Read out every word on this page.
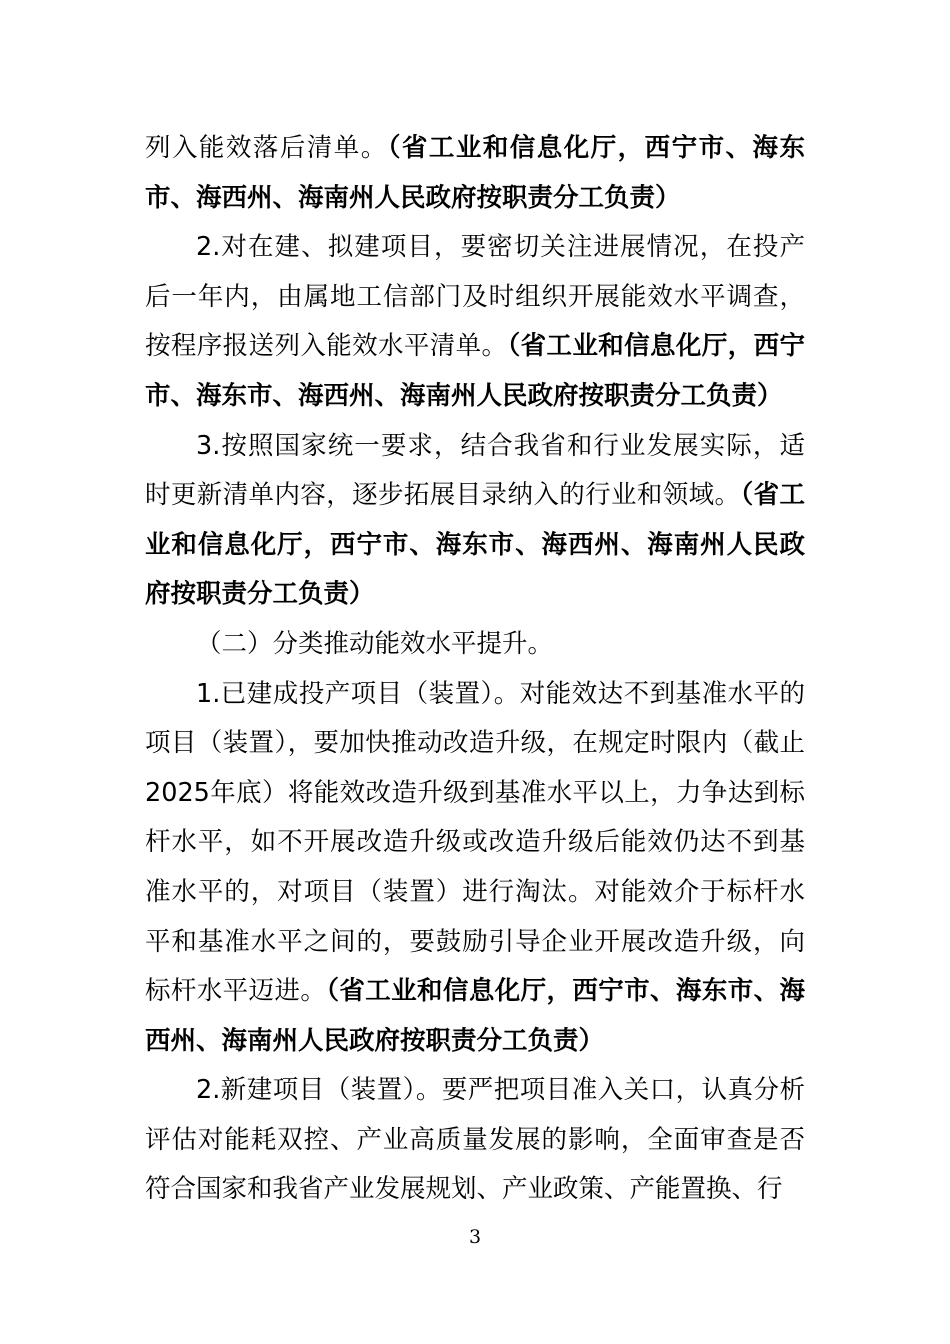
列入能效落后清单。（省工业和信息化厅，西宁市、海东市、海西州、海南州人民政府按职责分工负责）

2.对在建、拟建项目，要密切关注进展情况，在投产后一年内，由属地工信部门及时组织开展能效水平调查，按程序报送列入能效水平清单。（省工业和信息化厅，西宁市、海东市、海西州、海南州人民政府按职责分工负责）

3.按照国家统一要求，结合我省和行业发展实际，适时更新清单内容，逐步拓展目录纳入的行业和领域。（省工业和信息化厅，西宁市、海东市、海西州、海南州人民政府按职责分工负责）

（二）分类推动能效水平提升。

1.已建成投产项目（装置）。对能效达不到基准水平的项目（装置），要加快推动改造升级，在规定时限内（截止2025年底）将能效改造升级到基准水平以上，力争达到标杆水平，如不开展改造升级或改造升级后能效仍达不到基准水平的，对项目（装置）进行淘汰。对能效介于标杆水平和基准水平之间的，要鼓励引导企业开展改造升级，向标杆水平迈进。（省工业和信息化厅，西宁市、海东市、海西州、海南州人民政府按职责分工负责）

2.新建项目（装置）。要严把项目准入关口，认真分析评估对能耗双控、产业高质量发展的影响，全面审查是否符合国家和我省产业发展规划、产业政策、产能置换、行

3
